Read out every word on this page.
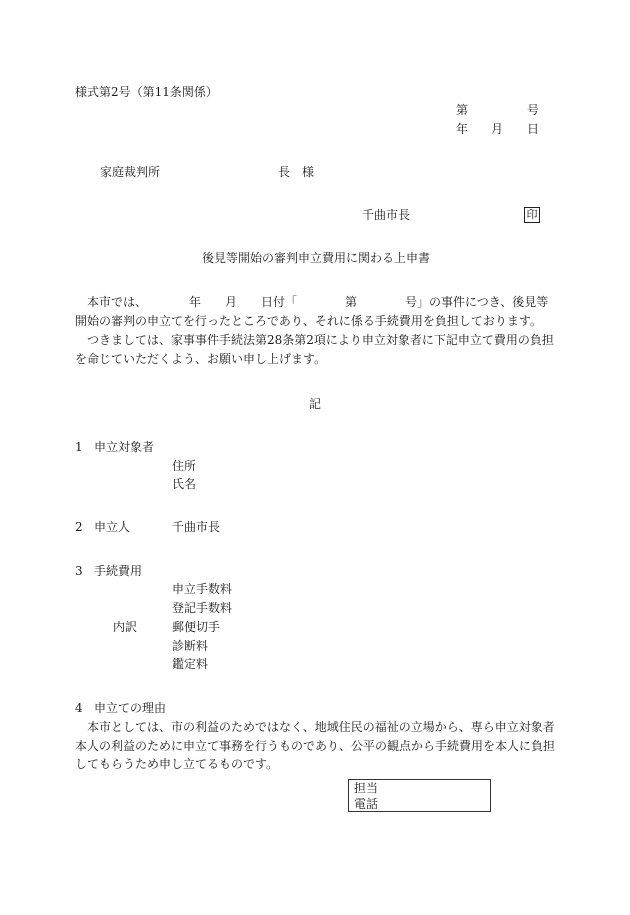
様式第2号（第11条関係）
第	号
年 月 日
家庭裁判所	長　様
千曲市長	印
後見等開始の審判申立費用に関わる上申書
　本市では、　　　　年　　月　　日付「　　　　第　　　　号」の事件につき、後見等
開始の審判の申立てを行ったところであり、それに係る手続費用を負担しております。
　つきましては、家事事件手続法第28条第2項により申立対象者に下記申立て費用の負担
を命じていただくよう、お願い申し上げます。
記
1 申立対象者
住所
氏名
2 申立人	千曲市長
3 手続費用
申立手数料
登記手数料
内訳	郵便切手
診断料
鑑定料
4 申立ての理由
　本市としては、市の利益のためではなく、地域住民の福祉の立場から、専ら申立対象者
本人の利益のために申立て事務を行うものであり、公平の観点から手続費用を本人に負担
してもらうため申し立てるものです。
担当
電話
